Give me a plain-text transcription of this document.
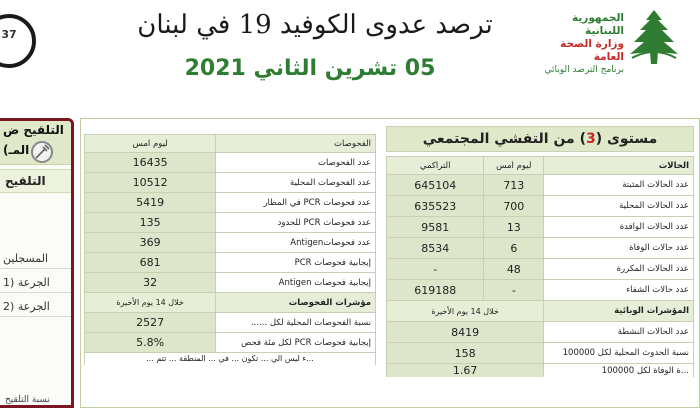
37
الجمهورية اللبنانية
وزارة الصحة العامة
برنامج الترصد الوبائي
ترصد عدوى الكوفيد 19 في لبنان
05 تشرين الثاني 2021
التلقيح ض
(المـ
التلقيح
المسجلين
الجرعة (1
الجرعة (2
نسبة التلقيح
الفحوصات	ليوم امس
عدد الفحوصات	16435
عدد الفحوصات المحلية	10512
عدد فحوصات PCR في المطار	5419
عدد فحوصات PCR للحدود	135
عدد فحوصاتAntigen	369
إيجابية فحوصات PCR	681
إيجابية فحوصات Antigen	32
مؤشرات الفحوصات	خلال 14 يوم الأخيرة
نسبة الفحوصات المحلية لكل ......	2527
إيجابية فحوصات PCR لكل مئة فحص	5.8%
...ء ليس الي ... تكون ... في ... المنطقة ... تتم ...	
مستوى (3) من التفشي المجتمعي
الحالات	ليوم امس	التراكمي
عدد الحالات المثبتة	713	645104
عدد الحالات المحلية	700	635523
عدد الحالات الوافدة	13	9581
عدد حالات الوفاة	6	8534
عدد الحالات المكررة	48	-
عدد حالات الشفاء	-	619188
المؤشرات الوبائية	خلال 14 يوم الأخيرة	
عدد الحالات النشطة	8419	
نسبة الحدوث المحلية لكل 100000	158	
...ة الوفاة لكل 100000	1.67	
